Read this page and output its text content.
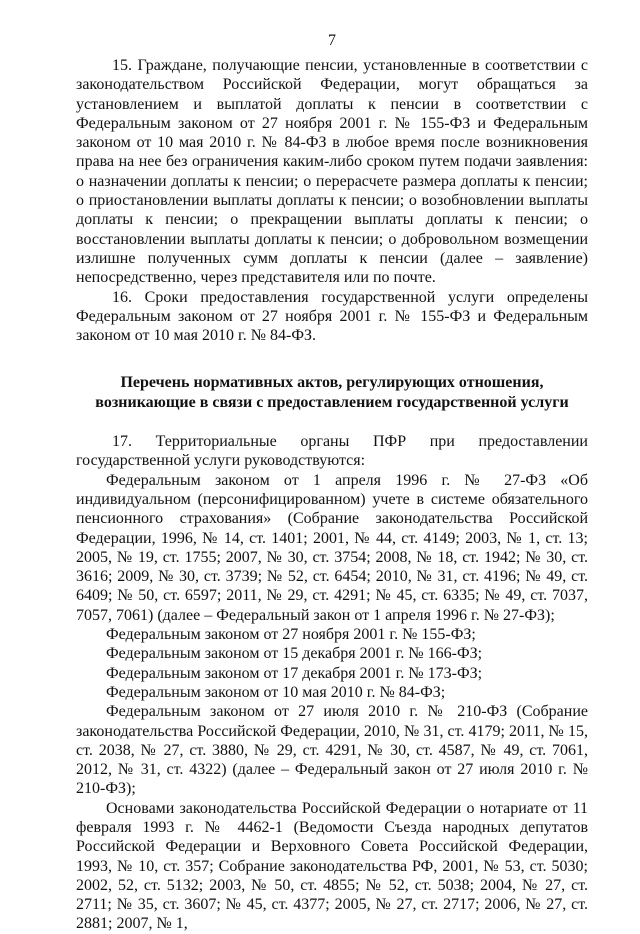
7

15. Граждане, получающие пенсии, установленные в соответствии с законодательством Российской Федерации, могут обращаться за установлением и выплатой доплаты к пенсии в соответствии с Федеральным законом от 27 ноября 2001 г. № 155-ФЗ и Федеральным законом от 10 мая 2010 г. № 84-ФЗ в любое время после возникновения права на нее без ограничения каким-либо сроком путем подачи заявления: о назначении доплаты к пенсии; о перерасчете размера доплаты к пенсии; о приостановлении выплаты доплаты к пенсии; о возобновлении выплаты доплаты к пенсии; о прекращении выплаты доплаты к пенсии; о восстановлении выплаты доплаты к пенсии; о добровольном возмещении излишне полученных сумм доплаты к пенсии (далее – заявление) непосредственно, через представителя или по почте.

16. Сроки предоставления государственной услуги определены Федеральным законом от 27 ноября 2001 г. № 155-ФЗ и Федеральным законом от 10 мая 2010 г. № 84-ФЗ.

Перечень нормативных актов, регулирующих отношения,
возникающие в связи с предоставлением государственной услуги

17. Территориальные органы ПФР при предоставлении государственной услуги руководствуются:

Федеральным законом от 1 апреля 1996 г. № 27-ФЗ «Об индивидуальном (персонифицированном) учете в системе обязательного пенсионного страхования» (Собрание законодательства Российской Федерации, 1996, № 14, ст. 1401; 2001, № 44, ст. 4149; 2003, № 1, ст. 13; 2005, № 19, ст. 1755; 2007, № 30, ст. 3754; 2008, № 18, ст. 1942; № 30, ст. 3616; 2009, № 30, ст. 3739; № 52, ст. 6454; 2010, № 31, ст. 4196; № 49, ст. 6409; № 50, ст. 6597; 2011, № 29, ст. 4291; № 45, ст. 6335; № 49, ст. 7037, 7057, 7061) (далее – Федеральный закон от 1 апреля 1996 г. № 27-ФЗ);

Федеральным законом от 27 ноября 2001 г. № 155-ФЗ;

Федеральным законом от 15 декабря 2001 г. № 166-ФЗ;

Федеральным законом от 17 декабря 2001 г. № 173-ФЗ;

Федеральным законом от 10 мая 2010 г. № 84-ФЗ;

Федеральным законом от 27 июля 2010 г. № 210-ФЗ (Собрание законодательства Российской Федерации, 2010, № 31, ст. 4179; 2011, № 15, ст. 2038, № 27, ст. 3880, № 29, ст. 4291, № 30, ст. 4587, № 49, ст. 7061, 2012, № 31, ст. 4322) (далее – Федеральный закон от 27 июля 2010 г. № 210-ФЗ);

Основами законодательства Российской Федерации о нотариате от 11 февраля 1993 г. № 4462-1 (Ведомости Съезда народных депутатов Российской Федерации и Верховного Совета Российской Федерации, 1993, № 10, ст. 357; Собрание законодательства РФ, 2001, № 53, ст. 5030; 2002, 52, ст. 5132; 2003, № 50, ст. 4855; № 52, ст. 5038; 2004, № 27, ст. 2711; № 35, ст. 3607; № 45, ст. 4377; 2005, № 27, ст. 2717; 2006, № 27, ст. 2881; 2007, № 1,
